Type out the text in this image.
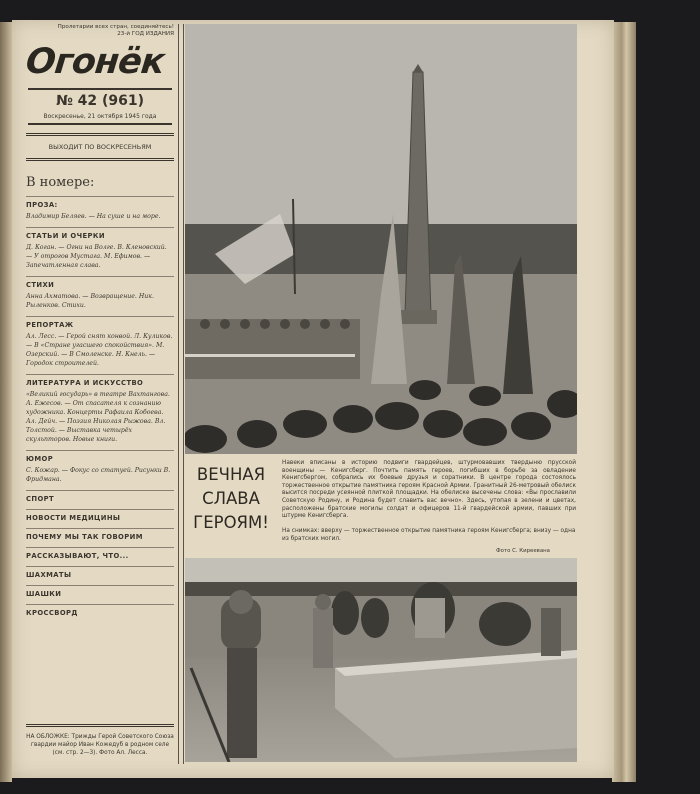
Пролетарии всех стран, соединяйтесь!
23-й ГОД ИЗДАНИЯ
Огонёк
№ 42 (961)
Воскресенье, 21 октября 1945 года
ВЫХОДИТ ПО ВОСКРЕСЕНЬЯМ
В номере:
ПРОЗА:
Владимир Беляев. — На суше и на море.
СТАТЬИ И ОЧЕРКИ
Д. Коган. — Огни на Волге. В. Кленовский. — У отрогов Мустага. М. Ефимов. — Запечатленная слава.
СТИХИ
Анна Ахматова. — Возвращение. Ник. Рыленков. Стихи.
РЕПОРТАЖ
Ал. Лесс. — Герой снят конвой. Л. Куликов. — В «Стране угасшего спокойствия». М. Озерский. — В Смоленске. Н. Кнель. — Городок строителей.
ЛИТЕРАТУРА И ИСКУССТВО
«Великий государь» в театре Вахтангова. А. Ежесов. — От спасателя к сознанию художника. Концерты Рафаила Кобоева. Ал. Дейч. — Поэзия Николая Рыжова. Вл. Толстой. — Выставка четырёх скульпторов. Новые книги.
ЮМОР
С. Кожар. — Фокус со статуей. Рисунки В. Фридмана.
СПОРТ
НОВОСТИ МЕДИЦИНЫ
ПОЧЕМУ МЫ ТАК ГОВОРИМ
РАССКАЗЫВАЮТ, ЧТО...
ШАХМАТЫ
ШАШКИ
КРОССВОРД
НА ОБЛОЖКЕ: Трижды Герой Советского Союза гвардии майор Иван Кожедуб в родном селе (см. стр. 2—3). Фото Ал. Лесса.
ВЕЧНАЯ
СЛАВА
ГЕРОЯМ!
Навеки вписаны в историю подвиги гвардейцев, штурмовавших твердыню прусской военщины — Кенигсберг. Почтить память героев, погибших в борьбе за овладение Кенигсбергом, собрались их боевые друзья и соратники. В центре города состоялось торжественное открытие памятника героям Красной Армии. Гранитный 26-метровый обелиск высится посреди усеянной плиткой площадки. На обелиске высечены слова: «Вы прославили Советскую Родину, и Родина будет славить вас вечно». Здесь, утопая в зелени и цветах, расположены братские могилы солдат и офицеров 11-й гвардейской армии, павших при штурме Кенигсберга.
На снимках: вверху — торжественное открытие памятника героям Кенигсберга; внизу — одна из братских могил.
Фото С. Киреевана
